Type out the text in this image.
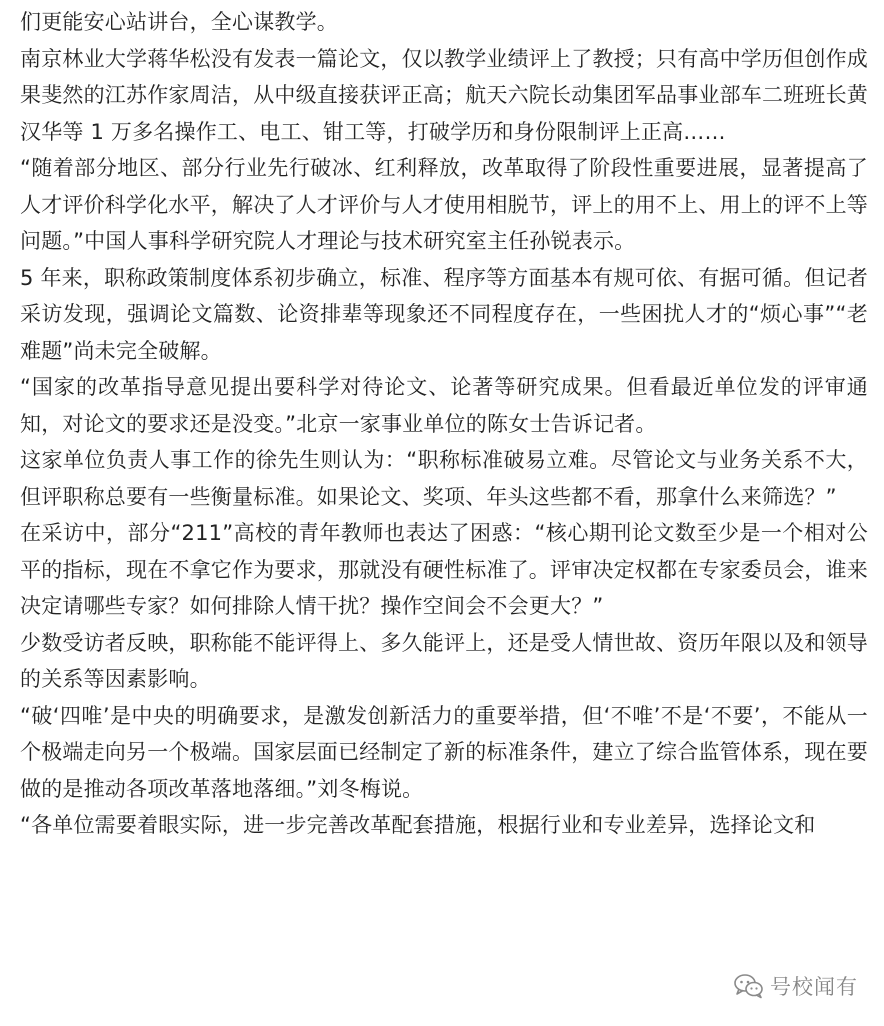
们更能安心站讲台，全心谋教学。

南京林业大学蒋华松没有发表一篇论文，仅以教学业绩评上了教授；只有高中学历但创作成果斐然的江苏作家周洁，从中级直接获评正高；航天六院长动集团军品事业部车二班班长黄汉华等 1 万多名操作工、电工、钳工等，打破学历和身份限制评上正高……

“随着部分地区、部分行业先行破冰、红利释放，改革取得了阶段性重要进展，显著提高了人才评价科学化水平，解决了人才评价与人才使用相脱节，评上的用不上、用上的评不上等问题。”中国人事科学研究院人才理论与技术研究室主任孙锐表示。

5 年来，职称政策制度体系初步确立，标准、程序等方面基本有规可依、有据可循。但记者采访发现，强调论文篇数、论资排辈等现象还不同程度存在，一些困扰人才的“烦心事”“老难题”尚未完全破解。

“国家的改革指导意见提出要科学对待论文、论著等研究成果。但看最近单位发的评审通知，对论文的要求还是没变。”北京一家事业单位的陈女士告诉记者。

这家单位负责人事工作的徐先生则认为：“职称标准破易立难。尽管论文与业务关系不大，但评职称总要有一些衡量标准。如果论文、奖项、年头这些都不看，那拿什么来筛选？”

在采访中，部分“211”高校的青年教师也表达了困惑：“核心期刊论文数至少是一个相对公平的指标，现在不拿它作为要求，那就没有硬性标准了。评审决定权都在专家委员会，谁来决定请哪些专家？如何排除人情干扰？操作空间会不会更大？”

少数受访者反映，职称能不能评得上、多久能评上，还是受人情世故、资历年限以及和领导的关系等因素影响。

“破‘四唯’是中央的明确要求，是激发创新活力的重要举措，但‘不唯’不是‘不要’，不能从一个极端走向另一个极端。国家层面已经制定了新的标准条件，建立了综合监管体系，现在要做的是推动各项改革落地落细。”刘冬梅说。

“各单位需要着眼实际，进一步完善改革配套措施，根据行业和专业差异，选择论文和

号校闻有
